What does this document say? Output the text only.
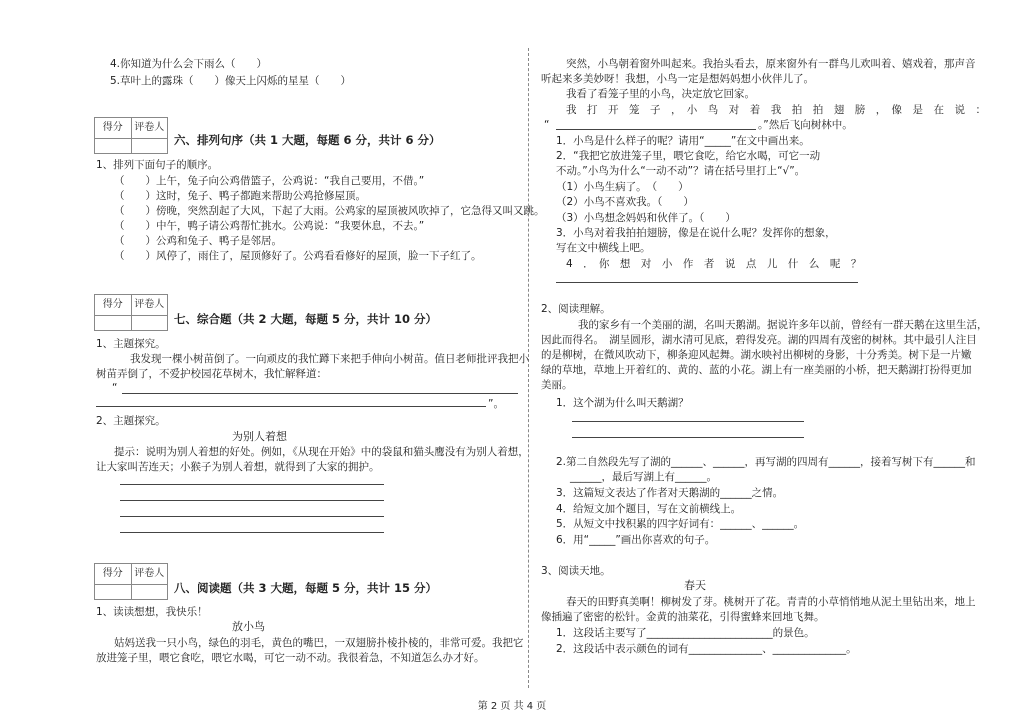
4.你知道为什么会下雨么（　　）
5.草叶上的露珠（　　）像天上闪烁的星星（　　）
得分	评卷人
六、排列句序（共 1 大题，每题 6 分，共计 6 分）
1、排列下面句子的顺序。
（　　）上午，兔子向公鸡借篮子，公鸡说：“我自己要用，不借。”
（　　）这时，兔子、鸭子都跑来帮助公鸡抢修屋顶。
（　　）傍晚，突然刮起了大风，下起了大雨。公鸡家的屋顶被风吹掉了，它急得又叫又跳。
（　　）中午，鸭子请公鸡帮忙挑水。公鸡说：“我要休息，不去。”
（　　）公鸡和兔子、鸭子是邻居。
（　　）风停了，雨住了，屋顶修好了。公鸡看看修好的屋顶，脸一下子红了。
得分	评卷人
七、综合题（共 2 大题，每题 5 分，共计 10 分）
1、主题探究。
我发现一棵小树苗倒了。一向顽皮的我忙蹲下来把手伸向小树苗。值日老师批评我把小
树苗弄倒了，不爱护校园花草树木，我忙解释道：
“
”。
2、主题探究。
为别人着想
提示：说明为别人着想的好处。例如，《从现在开始》中的袋鼠和猫头鹰没有为别人着想，
让大家叫苦连天；小猴子为别人着想，就得到了大家的拥护。
得分	评卷人
八、阅读题（共 3 大题，每题 5 分，共计 15 分）
1、读读想想，我快乐！
放小鸟
姑妈送我一只小鸟，绿色的羽毛，黄色的嘴巴，一双翅膀扑棱扑棱的，非常可爱。我把它
放进笼子里，喂它食吃，喂它水喝，可它一动不动。我很着急，不知道怎么办才好。
突然，小鸟朝着窗外叫起来。我抬头看去，原来窗外有一群鸟儿欢叫着、嬉戏着，那声音
听起来多美妙呀！我想，小鸟一定是想妈妈想小伙伴儿了。
我看了看笼子里的小鸟，决定放它回家。
我　打　开　笼　子　，　小　鸟　对　着　我　拍　拍　翅　膀　，　像　是　在　说　：
“	。”然后飞向树林中。
1．小鸟是什么样子的呢？请用“_____”在文中画出来。
2．“我把它放进笼子里，喂它食吃，给它水喝，可它一动
不动。”小鸟为什么“一动不动”？请在括号里打上“√”。
（1）小鸟生病了。　（　　）
（2）小鸟不喜欢我。（　　）
（3）小鸟想念妈妈和伙伴了。（　　）
3．小鸟对着我拍拍翅膀，像是在说什么呢？发挥你的想象，
写在文中横线上吧。
4　．　你　想　对　小　作　者　说　点　儿　什　么　呢　？
2、阅读理解。
我的家乡有一个美丽的湖，名叫天鹅湖。据说许多年以前，曾经有一群天鹅在这里生活，
因此而得名。　湖呈圆形，湖水清可见底，碧得发亮。湖的四周有茂密的树林。其中最引人注目
的是柳树，在微风吹动下，柳条迎风起舞。湖水映衬出柳树的身影，十分秀美。树下是一片嫩
绿的草地，草地上开着红的、黄的、蓝的小花。湖上有一座美丽的小桥，把天鹅湖打扮得更加
美丽。
1．这个湖为什么叫天鹅湖？
2.第二自然段先写了湖的______、______，再写湖的四周有______，接着写树下有______和
______，最后写湖上有______。
3．这篇短文表达了作者对天鹅湖的______之情。
4．给短文加个题目，写在文前横线上。
5．从短文中找积累的四字好词有：______、______。
6．用“_____”画出你喜欢的句子。
3、阅读天地。
春天
春天的田野真美啊！柳树发了芽。桃树开了花。青青的小草悄悄地从泥土里钻出来，地上
像插遍了密密的松针。金黄的油菜花，引得蜜蜂来回地飞舞。
1．这段话主要写了________________________的景色。
2．这段话中表示颜色的词有______________、______________。
第 2 页 共 4 页
